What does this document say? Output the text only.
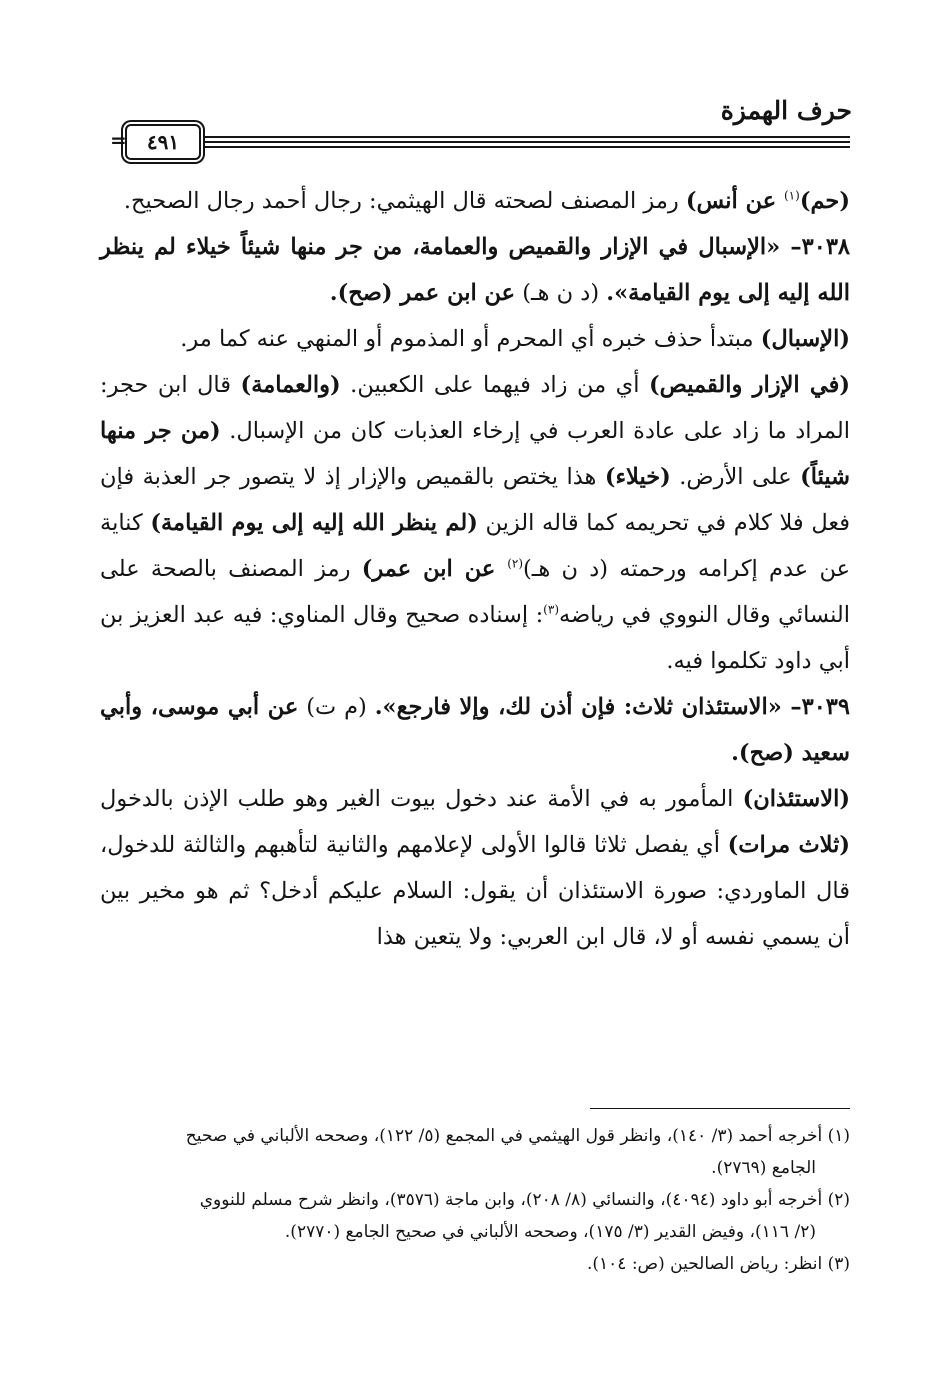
حرف الهمزة
٤٩١
=

(حم)$^{(١)}$ عن أنس) رمز المصنف لصحته قال الهيثمي: رجال أحمد رجال الصحيح.

٣٠٣٨– «الإسبال في الإزار والقميص والعمامة، من جر منها شيئاً خيلاء لم ينظر الله إليه إلى يوم القيامة». (د ن هـ) عن ابن عمر (صح).

(الإسبال) مبتدأ حذف خبره أي المحرم أو المذموم أو المنهي عنه كما مر.

(في الإزار والقميص) أي من زاد فيهما على الكعبين. (والعمامة) قال ابن حجر: المراد ما زاد على عادة العرب في إرخاء العذبات كان من الإسبال. (من جر منها شيئاً) على الأرض. (خيلاء) هذا يختص بالقميص والإزار إذ لا يتصور جر العذبة فإن فعل فلا كلام في تحريمه كما قاله الزين (لم ينظر الله إليه إلى يوم القيامة) كناية عن عدم إكرامه ورحمته (د ن هـ)$^{(٢)}$ عن ابن عمر) رمز المصنف بالصحة على النسائي وقال النووي في رياضه$^{(٣)}$: إسناده صحيح وقال المناوي: فيه عبد العزيز بن أبي داود تكلموا فيه.

٣٠٣٩– «الاستئذان ثلاث: فإن أذن لك، وإلا فارجع». (م ت) عن أبي موسى، وأبي سعيد (صح).

(الاستئذان) المأمور به في الأمة عند دخول بيوت الغير وهو طلب الإذن بالدخول (ثلاث مرات) أي يفصل ثلاثا قالوا الأولى لإعلامهم والثانية لتأهبهم والثالثة للدخول، قال الماوردي: صورة الاستئذان أن يقول: السلام عليكم أدخل؟ ثم هو مخير بين أن يسمي نفسه أو لا، قال ابن العربي: ولا يتعين هذا

(١) أخرجه أحمد (٣/ ١٤٠)، وانظر قول الهيثمي في المجمع (٥/ ١٢٢)، وصححه الألباني في صحيح

الجامع (٢٧٦٩).

(٢) أخرجه أبو داود (٤٠٩٤)، والنسائي (٨/ ٢٠٨)، وابن ماجة (٣٥٧٦)، وانظر شرح مسلم للنووي

(٢/ ١١٦)، وفيض القدير (٣/ ١٧٥)، وصححه الألباني في صحيح الجامع (٢٧٧٠).

(٣) انظر: رياض الصالحين (ص: ١٠٤).
